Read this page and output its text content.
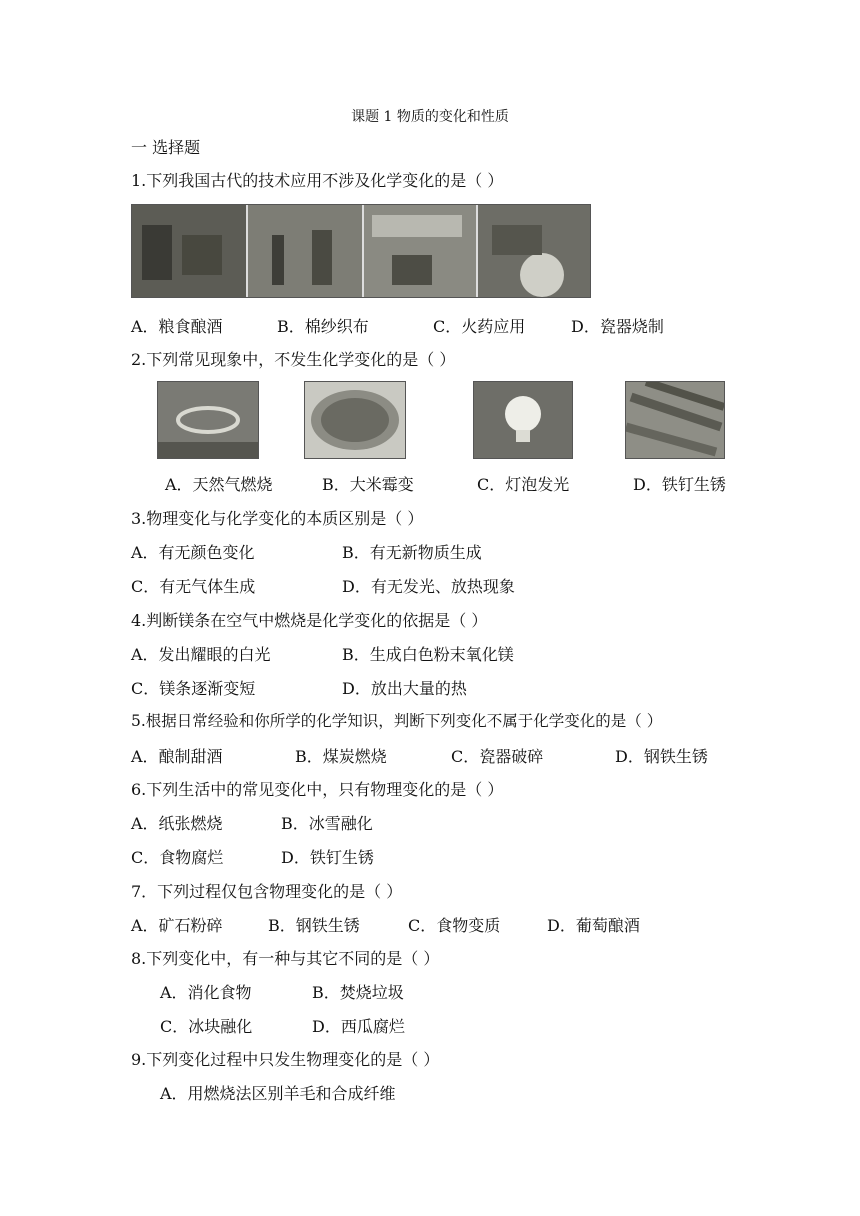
课题 1 物质的变化和性质
一 选择题
1.下列我国古代的技术应用不涉及化学变化的是（ ）
A．粮食酿酒	B．棉纱织布	C．火药应用	D．瓷器烧制
2.下列常见现象中，不发生化学变化的是（ ）
A．天然气燃烧	B．大米霉变	C．灯泡发光	D．铁钉生锈
3.物理变化与化学变化的本质区别是（ ）
A．有无颜色变化	B．有无新物质生成
C．有无气体生成	D．有无发光、放热现象
4.判断镁条在空气中燃烧是化学变化的依据是（ ）
A．发出耀眼的白光	B．生成白色粉末氧化镁
C．镁条逐渐变短	D．放出大量的热
5.根据日常经验和你所学的化学知识，判断下列变化不属于化学变化的是（ ）
A．酿制甜酒	B．煤炭燃烧	C．瓷器破碎	D．钢铁生锈
6.下列生活中的常见变化中，只有物理变化的是（ ）
A．纸张燃烧	B．冰雪融化
C．食物腐烂	D．铁钉生锈
7．下列过程仅包含物理变化的是（ ）
A．矿石粉碎	B．钢铁生锈	C．食物变质	D．葡萄酿酒
8.下列变化中，有一种与其它不同的是（ ）
A．消化食物	B．焚烧垃圾
C．冰块融化	D．西瓜腐烂
9.下列变化过程中只发生物理变化的是（ ）
A．用燃烧法区别羊毛和合成纤维
